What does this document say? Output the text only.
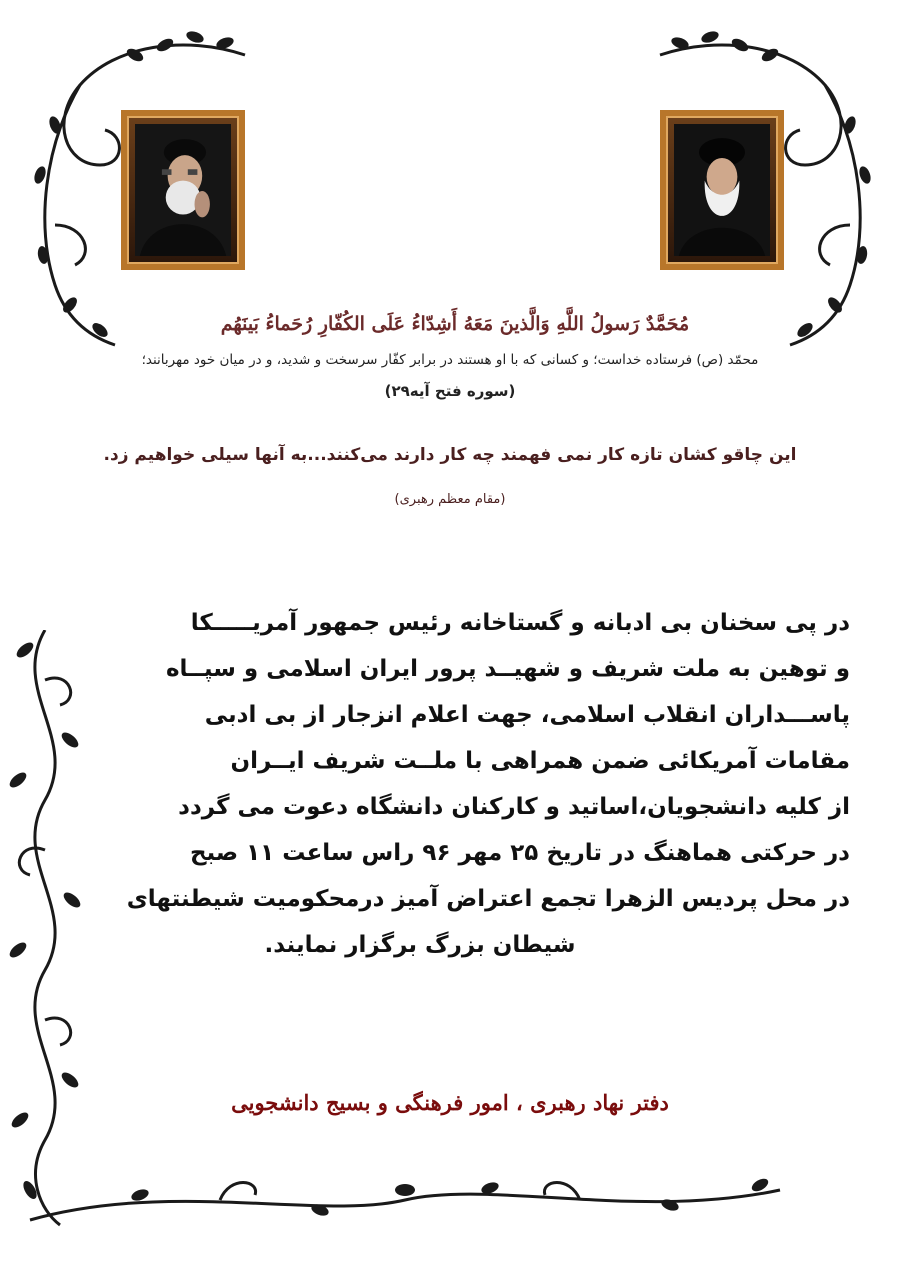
مُحَمَّدٌ رَسولُ اللَّهِ وَالَّذينَ مَعَهُ أَشِدّاءُ عَلَى الكُفّارِ رُحَماءُ بَينَهُم
محمّد (ص) فرستاده خداست؛ و کسانی که با او هستند در برابر کفّار سرسخت و شدید، و در میان خود مهربانند؛
(سوره فتح آیه۲۹)
این چاقو کشان تازه کار نمی فهمند چه کار دارند می‌کنند...به آنها سیلی خواهیم زد.
(مقام معظم رهبری)
در پی سخنان بی ادبانه و گستاخانه رئیس جمهور آمریـــــکا
و توهین به ملت شریف و شهیــد پرور ایران اسلامی و سپــاه
پاســـداران انقلاب اسلامی، جهت اعلام انزجار از بی ادبی
مقامات آمریکائی ضمن همراهی با ملــت شریف ایــران
از کلیه دانشجویان،اساتید و کارکنان دانشگاه دعوت می گردد
در حرکتی هماهنگ در تاریخ ۲۵ مهر ۹۶ راس ساعت ۱۱ صبح
در محل پردیس الزهرا تجمع اعتراض آمیز درمحکومیت شیطنتهای
شیطان بزرگ برگزار نمایند.
دفتر نهاد رهبری ، امور فرهنگی و بسیج دانشجویی
